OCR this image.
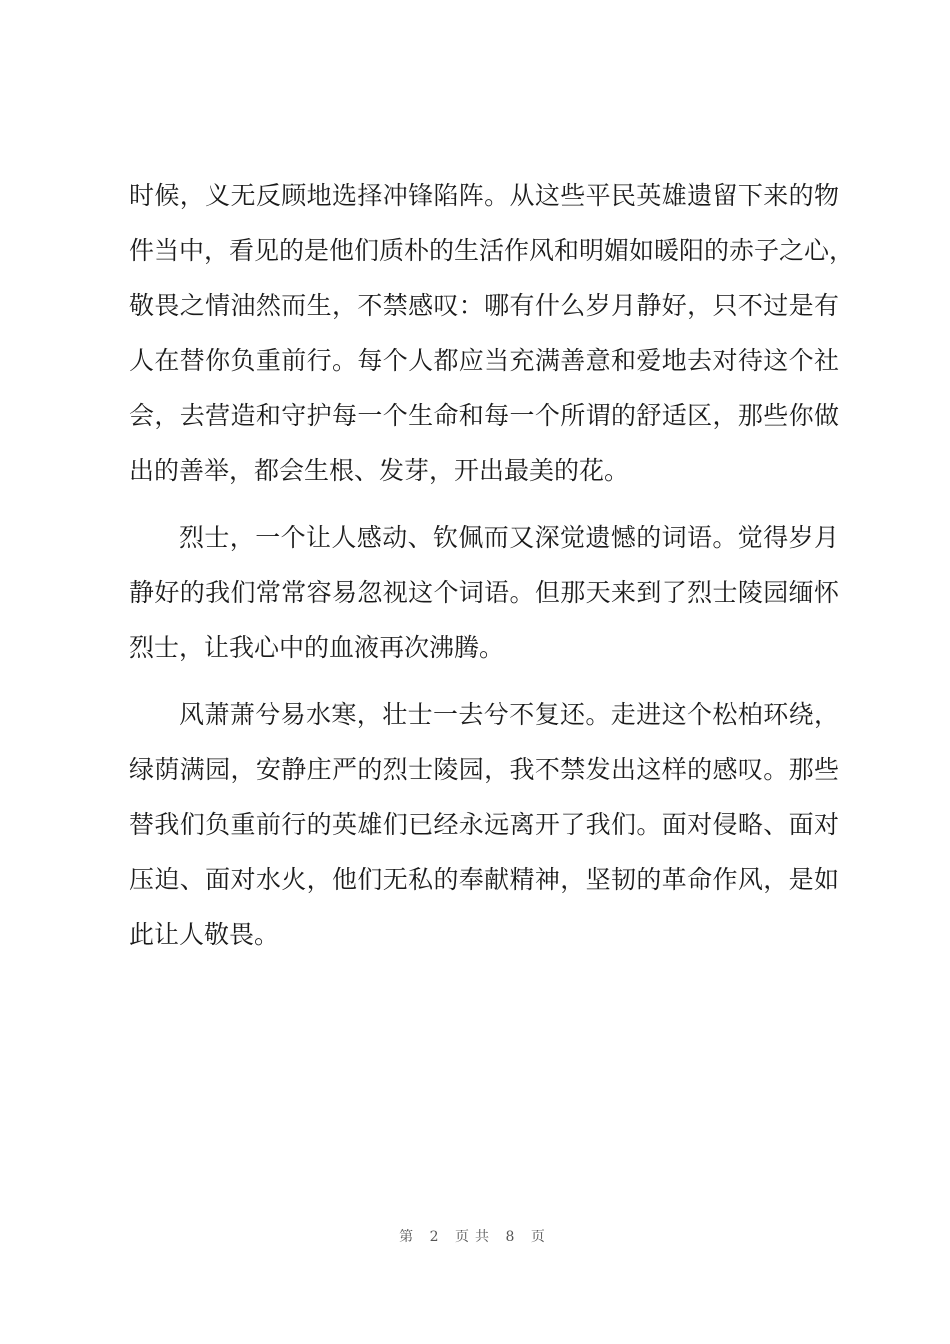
时候，义无反顾地选择冲锋陷阵。从这些平民英雄遗留下来的物
件当中，看见的是他们质朴的生活作风和明媚如暖阳的赤子之心，
敬畏之情油然而生，不禁感叹：哪有什么岁月静好，只不过是有
人在替你负重前行。每个人都应当充满善意和爱地去对待这个社
会，去营造和守护每一个生命和每一个所谓的舒适区，那些你做
出的善举，都会生根、发芽，开出最美的花。
烈士，一个让人感动、钦佩而又深觉遗憾的词语。觉得岁月
静好的我们常常容易忽视这个词语。但那天来到了烈士陵园缅怀
烈士，让我心中的血液再次沸腾。
风萧萧兮易水寒，壮士一去兮不复还。走进这个松柏环绕，
绿荫满园，安静庄严的烈士陵园，我不禁发出这样的感叹。那些
替我们负重前行的英雄们已经永远离开了我们。面对侵略、面对
压迫、面对水火，他们无私的奉献精神，坚韧的革命作风，是如
此让人敬畏。
第 2 页共 8 页
